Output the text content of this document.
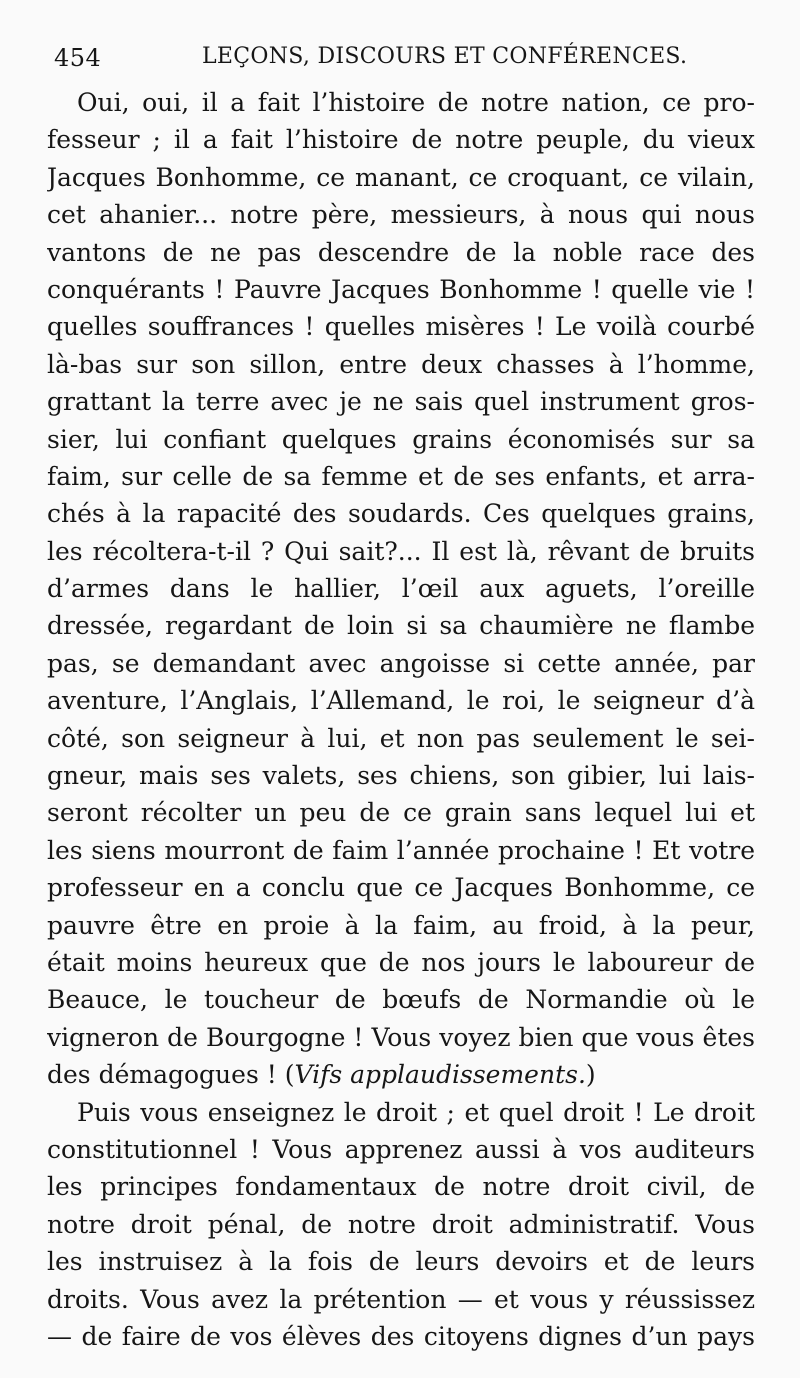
454	LEÇONS, DISCOURS ET CONFÉRENCES.
Oui, oui, il a fait l’histoire de notre nation, ce pro-
fesseur ; il a fait l’histoire de notre peuple, du vieux
Jacques Bonhomme, ce manant, ce croquant, ce vilain,
cet ahanier... notre père, messieurs, à nous qui nous
vantons de ne pas descendre de la noble race des
conquérants ! Pauvre Jacques Bonhomme ! quelle vie !
quelles souffrances ! quelles misères ! Le voilà courbé
là-bas sur son sillon, entre deux chasses à l’homme,
grattant la terre avec je ne sais quel instrument gros-
sier, lui confiant quelques grains économisés sur sa
faim, sur celle de sa femme et de ses enfants, et arra-
chés à la rapacité des soudards. Ces quelques grains,
les récoltera-t-il ? Qui sait?... Il est là, rêvant de bruits
d’armes dans le hallier, l’œil aux aguets, l’oreille
dressée, regardant de loin si sa chaumière ne flambe
pas, se demandant avec angoisse si cette année, par
aventure, l’Anglais, l’Allemand, le roi, le seigneur d’à
côté, son seigneur à lui, et non pas seulement le sei-
gneur, mais ses valets, ses chiens, son gibier, lui lais-
seront récolter un peu de ce grain sans lequel lui et
les siens mourront de faim l’année prochaine ! Et votre
professeur en a conclu que ce Jacques Bonhomme, ce
pauvre être en proie à la faim, au froid, à la peur,
était moins heureux que de nos jours le laboureur de
Beauce, le toucheur de bœufs de Normandie où le
vigneron de Bourgogne ! Vous voyez bien que vous êtes
des démagogues ! (Vifs applaudissements.)
Puis vous enseignez le droit ; et quel droit ! Le droit
constitutionnel ! Vous apprenez aussi à vos auditeurs
les principes fondamentaux de notre droit civil, de
notre droit pénal, de notre droit administratif. Vous
les instruisez à la fois de leurs devoirs et de leurs
droits. Vous avez la prétention — et vous y réussissez
— de faire de vos élèves des citoyens dignes d’un pays
